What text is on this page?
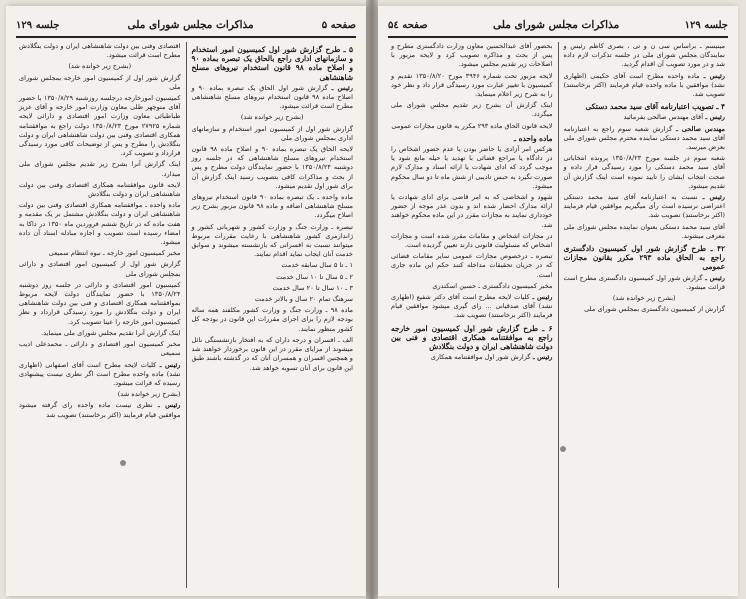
صفحه ۵
مذاکرات مجلس شورای ملی
جلسه ۱۲۹

۵ ـ طرح گزارش شور اول کمیسیون امور استخدام و سازمانهای اداری راجع بالحاق یک تبصره بماده ۹۰ و اصلاح ماده ۹۸ قانون استخدام نیروهای مسلح شاهنشاهی

رئیس ـ گزارش شور اول الحاق یک تبصره بماده ۹۰ و اصلاح ماده ۹۸ قانون استخدام نیروهای مسلح شاهنشاهی مطرح است قرائت میشود.

(بشرح زیر خوانده شد)

گزارش شور اول از کمیسیون امور استخدام و سازمانهای اداری بمجلس شورای ملی

لایحه الحاق یک تبصره بماده ۹۰ و اصلاح ماده ۹۸ قانون استخدام نیروهای مسلح شاهنشاهی که در جلسه روز دوشنبه ۱۳۵۰/۸/۲۴ با حضور نمایندگان دولت مطرح و پس از بحث و مذاکرات کافی بتصویب رسید اینک گزارش آن برای شور اول تقدیم میشود.

ماده واحده ـ یک تبصره بماده ۹۰ قانون استخدام نیروهای مسلح شاهنشاهی اضافه و ماده ۹۸ قانون مزبور بشرح زیر اصلاح میگردد.

تبصره ـ وزارت جنگ و وزارت کشور و شهربانی کشور و ژاندارمری کشور شاهنشاهی با رعایت مقررات مربوط میتوانند نسبت به افسرانی که بازنشسته میشوند و سوابق خدمت آنان ایجاب نماید اقدام نمایند.

۱ ـ تا ۵ سال سابقه خدمت

۲ ـ ۵ سال تا ۱۰ سال خدمت

۳ ـ ۱۰ سال تا ۲۰ سال خدمت

سرهنگ تمام ۲۰ سال و بالاتر خدمت

ماده ۹۸ ـ وزارت جنگ و وزارت کشور مکلفند همه ساله بودجه لازم را برای اجرای مقررات این قانون در بودجه کل کشور منظور نمایند.

الف ـ افسران و درجه داران که به افتخار بازنشستگی نائل میشوند از مزایای مقرر در این قانون برخوردار خواهند شد و همچنین افسران و همسران آنان که در گذشته باشند طبق این قانون برای آنان تسویه خواهد شد.

اقتصادی وفنی بین دولت شاهنشاهی ایران و دولت بنگلادش مطرح است قرائت میشود.

(بشرح زیر خوانده شد)

گزارش شور اول از کمیسیون امور خارجه بمجلس شورای ملی

کمیسیون امورخارجه درجلسه روزشنبه ۱۳۵۰/۸/۲۹ با حضور آقای منوچهر ظلی معاون وزارت امور خارجه و آقای عزیز طباطبائی معاون وزارت امور اقتصادی و دارائی لایحه شماره ۲۷۹۲۵ مورخ ۱۳۵۰/۸/۲۳ دولت راجع به موافقتنامه همکاری اقتصادی وفنی بین دولت شاهنشاهی ایران و دولت بنگلادش را مطرح و پس از توضیحات کافی مورد رسیدگی قرارداد و تصویب کرد.

اینک گزارش آنرا بشرح زیر تقدیم مجلس شورای ملی میدارد.

لایحه قانون موافقتنامه همکاری اقتصادی وفنی بین دولت شاهنشاهی ایران و دولت بنگلادش

ماده واحده ـ موافقتنامه همکاری اقتصادی وفنی بین دولت شاهنشاهی ایران و دولت بنگلادش مشتمل بر یک مقدمه و هفت ماده که در تاریخ ششم فروردین ماه ۱۳۵۰ در داکا به امضاء رسیده است تصویب و اجازه مبادله اسناد آن داده میشود.

مخبر کمیسیون امور خارجه ـ نبوه انتظام سمیعی

گزارش شور اول از کمیسیون امور اقتصادی و دارائی بمجلس شورای ملی

کمیسیون امور اقتصادی و دارائی در جلسه روز دوشنبه ۱۳۵۰/۸/۲۴ با حضور نمایندگان دولت لایحه مربوط بموافقتنامه همکاری اقتصادی و فنی بین دولت شاهنشاهی ایران و دولت بنگلادش را مورد رسیدگی قرارداد و نظر کمیسیون امور خارجه را عینا تصویب کرد.

اینک گزارش آنرا تقدیم مجلس شورای ملی مینماید.

مخبر کمیسیون امور اقتصادی و دارائی ـ محمدعلی ادیب سمیعی

رئیس ـ کلیات لایحه مطرح است آقای اصفهانی (اظهاری نشد) ماده واحده مطرح است اگر نظری نیست پیشنهادی رسیده که قرائت میشود.

(بشرح زیر خوانده شد)

رئیس ـ نظری نیست ماده واحده رای گرفته میشود موافقین قیام فرمایند (اکثر برخاستند) تصویب شد

جلسه ۱۲۹
مذاکرات مجلس شورای ملی
صفحه ۵٤

مینیسم ـ براساس سی ن و تی ، بصری کاظم رئیس و نمایندگان مجلس شورای ملی در جلسه تذکرات لازم داده شد و در مورد تصویب آن اقدام گردید.

رئیس ـ ماده واحده مطرح است آقای حکیمی (اظهاری نشد) موافقین با ماده واحده قیام فرمایند (اکثر برخاستند) تصویب شد.

۴ ـ تصویب اعتبارنامه آقای سید محمد دستکی

رئیس ـ آقای مهندس صالحی بفرمائید

مهندس صالحی ـ گزارش شعبه سوم راجع به اعتبارنامه آقای سید محمد دستکی نماینده محترم مجلس شورای ملی بعرض میرسد.

شعبه سوم در جلسه مورخ ۱۳۵۰/۸/۲۳ پرونده انتخاباتی آقای سید محمد دستکی را مورد رسیدگی قرار داده و صحت انتخاب ایشان را تایید نموده است اینک گزارش آن تقدیم میشود.

رئیس ـ نسبت به اعتبارنامه آقای سید محمد دستکی اعتراضی نرسیده است رأی میگیریم موافقین قیام فرمایند (اکثر برخاستند) تصویب شد.

آقای سید محمد دستکی بعنوان نماینده مجلس شورای ملی معرفی میشوند.

۴۲ ـ طرح گزارش شور اول کمیسیون دادگستری راجع به الحاق ماده ۲۹۳ مکرر بقانون مجازات عمومی

رئیس ـ گزارش شور اول کمیسیون دادگستری مطرح است قرائت میشود.

(بشرح زیر خوانده شد)

گزارش از کمیسیون دادگستری بمجلس شورای ملی

بحضور آقای عبدالحسین معاون وزارت دادگستری مطرح و پس از بحث و مذاکره تصویب کرد و لایحه مزبور با اصلاحات زیر تقدیم مجلس میشود.

لایحه مزبور تحت شماره ۳۹۴۶ مورخ ۱۳۵۰/۸/۲۰ تقدیم و کمیسیون با تغییر عبارت مورد رسیدگی قرار داد و نظر خود را به شرح زیر اعلام مینماید.

اینک گزارش آن بشرح زیر تقدیم مجلس شورای ملی میگردد.

لایحه قانون الحاق ماده ۲۹۳ مکرر به قانون مجازات عمومی

ماده واحده ـ

هرکس امر آزادی یا حاضر بودن یا عدم حضور اشخاص را در دادگاه یا مراجع قضائی با تهدید یا حیله مانع شود یا موجب گردد که ادای شهادت یا ارائه اسناد و مدارک لازم صورت نگیرد به حبس تادیبی از شش ماه تا دو سال محکوم میشود.

شهود و اشخاصی که به امر قاضی برای ادای شهادت یا ارائه مدارک احضار شده اند و بدون عذر موجه از حضور خودداری نمایند به مجازات مقرر در این ماده محکوم خواهند شد.

در مجازات اشخاص و مقامات مقرر شده است و مجازات اشخاص که مسئولیت قانونی دارند تعیین گردیده است.

تبصره ـ درخصوص مجازات عمومی سایر مقامات قضائی که در جریان تحقیقات مداخله کنند حکم این ماده جاری است.

مخبر کمیسیون دادگستری ـ حسین اسکندری

رئیس ـ کلیات لایحه مطرح است آقای دکتر شفیع (اظهاری نشد) آقای صدقیانی ... رای گیری میشود موافقین قیام فرمایند (اکثر برخاستند) تصویب شد.

۶ ـ طرح گزارش شور اول کمیسیون امور خارجه راجع به موافقتنامه همکاری اقتصادی و فنی بین دولت شاهنشاهی ایران و دولت بنگلادش

رئیس ـ گزارش شور اول موافقتنامه همکاری
